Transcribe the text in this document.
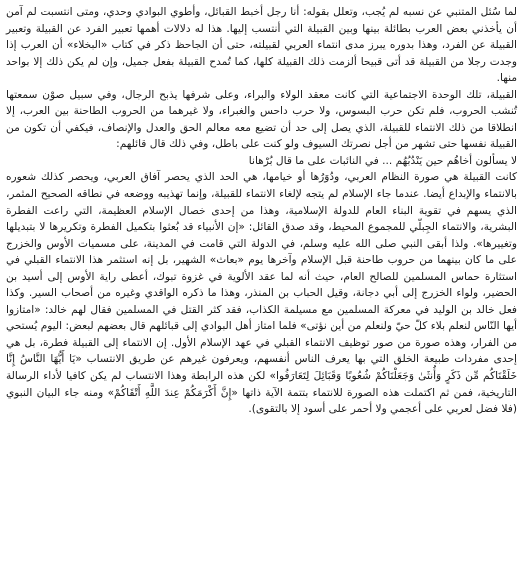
لما سُئل المتنبي عن نسبه لم يُجب، وتعلل بقوله: أنا رجل أخبط القبائل، وأطوي البوادي وحدي، ومتى انتسبت لم آمن أن يأخذني بعض العرب بطائلة بينها وبين القبيلة التي أنتسب إليها. هذا له دلالات أهمها تعبير الفرد عن القبيلة وتعبير القبيلة عن الفرد، وهذا بدوره يبرز مدى انتماء العربي لقبيلته، حتى أن الجاحظ ذكر في كتاب «البخلاء» أن العرب إذا وجدت رجلا من القبيلة قد أتى قبيحا ألزمت ذلك القبيلة كلها، كما تُمدح القبيلة بفعل جميل، وإن لم يكن ذلك إلا بواحد منها.

القبيلة، تلك الوحدة الاجتماعية التي كانت معقد الولاء والبراء، وعلى شرفها يذبح الرجال، وفي سبيل صوْن سمعتها تُنشب الحروب، فلم تكن حرب البسوس، ولا حرب داحس والغبراء، ولا غيرهما من الحروب الطاحنة بين العرب، إلا انطلاقا من ذلك الانتماء للقبيلة، الذي يصل إلى حد أن تضيع معه معالم الحق والعدل والإنصاف، فيكفي أن تكون من القبيلة نفسها حتى تشهر من أجل نصرتك السيوف ولو كنت على باطل، وفي ذلك قال قائلهم:

لا يسألون أخاهُم حين يَنْدُبُهُم ... في النائبات على ما قال بُرْهانا

كانت القبيلة هي صورة النظام العربي، ودُوَرُها أو خيامها، هي الحد الذي يحصر آفاق العربي، ويحصر كذلك شعوره بالانتماء والإبداع أيضا. عندما جاء الإسلام لم يتجه لإلغاء الانتماء للقبيلة، وإنما تهذيبه ووضعه في نطاقه الصحيح المثمر، الذي يسهم في تقوية البناء العام للدولة الإسلامية، وهذا من إحدى خصال الإسلام العظيمة، التي راعت الفطرة البشرية، والانتماء الجِبلّي للمجموع المحيط، وقد صدق القائل: «إن الأنبياء قد بُعثوا بتكميل الفطرة وتكريرها لا بتبديلها وتغييرها». ولذا أبقى النبي صلى الله عليه وسلم، في الدولة التي قامت في المدينة، على مسميات الأوس والخزرج على ما كان بينهما من حروب طاحنة قبل الإسلام وآخرها يوم «بعاث» الشهير، بل إنه استثمر هذا الانتماء القبلي في استثارة حماس المسلمين للصالح العام، حيث أنه لما عقد الألوية في غزوة تبوك، أعطى راية الأوس إلى أسيد بن الحضير، ولواء الخزرج إلى أبي دجانة، وقيل الحباب بن المنذر، وهذا ما ذكره الواقدي وغيره من أصحاب السير. وكذا فعل خالد بن الوليد في معركة المسلمين مع مسيلمة الكذاب، فقد كثر القتل في المسلمين فقال لهم خالد: «امتازوا أيها النّاس لنعلم بلاء كلّ حيّ ولنعلم من أين نؤتى» فلما امتاز أهل البوادي إلى قبائلهم قال بعضهم لبعض: اليوم يُستحي من الفرار، وهذه صورة من صور توظيف الانتماء القبلي في عهد الإسلام الأول. إن الانتماء إلى القبيلة فطرة، بل هي إحدى مفردات طبيعة الخلق التي بها يعرف الناس أنفسهم، ويعرفون غيرهم عن طريق الانتساب «يَا أَيُّهَا النَّاسُ إِنَّا خَلَقْنَاكُم مِّن ذَكَرٍ وَأُنثَىٰ وَجَعَلْنَاكُمْ شُعُوبًا وَقَبَائِلَ لِتَعَارَفُوا» لكن هذه الرابطة وهذا الانتساب لم يكن كافيا لأداء الرسالة التاريخية، فمن ثم اكتملت هذه الصورة للانتماء بتتمة الآية ذاتها «إِنَّ أَكْرَمَكُمْ عِندَ اللَّهِ أَتْقَاكُمْ» ومنه جاء البيان النبوي (فلا فضل لعربي على أعجمي ولا أحمر على أسود إلا بالتقوى).
